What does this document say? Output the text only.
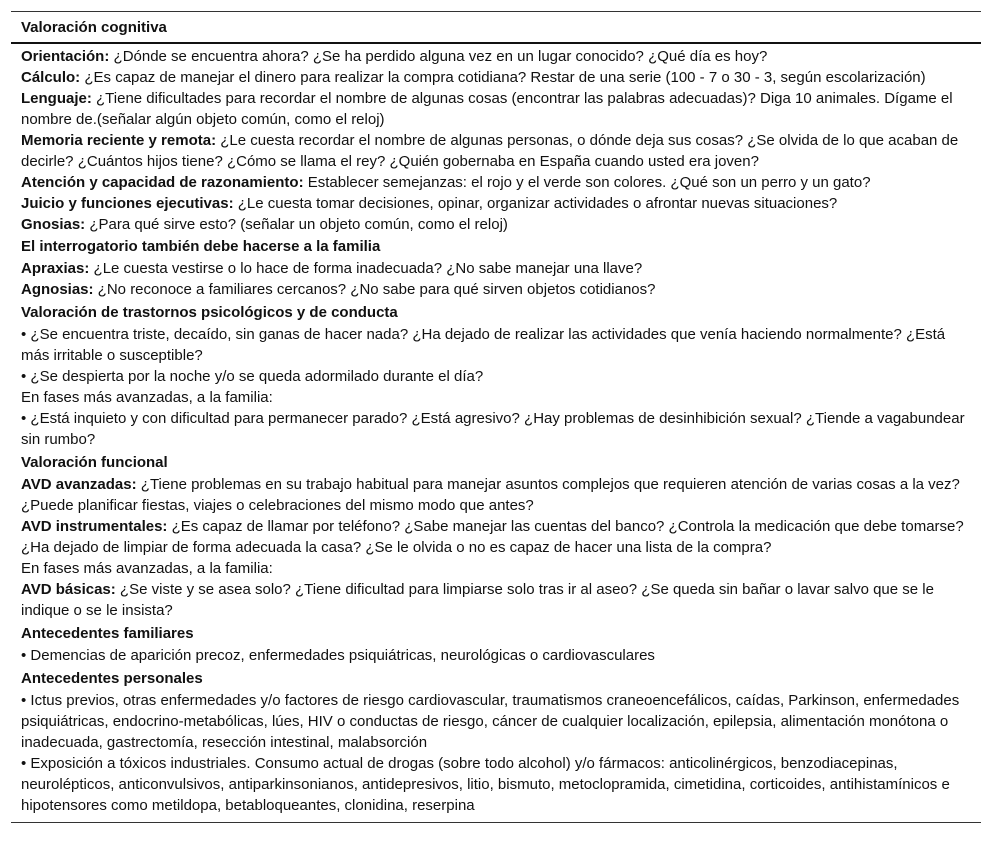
Valoración cognitiva
Orientación: ¿Dónde se encuentra ahora? ¿Se ha perdido alguna vez en un lugar conocido? ¿Qué día es hoy?
Cálculo: ¿Es capaz de manejar el dinero para realizar la compra cotidiana? Restar de una serie (100 - 7 o 30 - 3, según escolarización)
Lenguaje: ¿Tiene dificultades para recordar el nombre de algunas cosas (encontrar las palabras adecuadas)? Diga 10 animales. Dígame el nombre de.(señalar algún objeto común, como el reloj)
Memoria reciente y remota: ¿Le cuesta recordar el nombre de algunas personas, o dónde deja sus cosas? ¿Se olvida de lo que acaban de decirle? ¿Cuántos hijos tiene? ¿Cómo se llama el rey? ¿Quién gobernaba en España cuando usted era joven?
Atención y capacidad de razonamiento: Establecer semejanzas: el rojo y el verde son colores. ¿Qué son un perro y un gato?
Juicio y funciones ejecutivas: ¿Le cuesta tomar decisiones, opinar, organizar actividades o afrontar nuevas situaciones?
Gnosias: ¿Para qué sirve esto? (señalar un objeto común, como el reloj)
El interrogatorio también debe hacerse a la familia
Apraxias: ¿Le cuesta vestirse o lo hace de forma inadecuada? ¿No sabe manejar una llave?
Agnosias: ¿No reconoce a familiares cercanos? ¿No sabe para qué sirven objetos cotidianos?
Valoración de trastornos psicológicos y de conducta
• ¿Se encuentra triste, decaído, sin ganas de hacer nada? ¿Ha dejado de realizar las actividades que venía haciendo normalmente? ¿Está más irritable o susceptible?
• ¿Se despierta por la noche y/o se queda adormilado durante el día?
En fases más avanzadas, a la familia:
• ¿Está inquieto y con dificultad para permanecer parado? ¿Está agresivo? ¿Hay problemas de desinhibición sexual? ¿Tiende a vagabundear sin rumbo?
Valoración funcional
AVD avanzadas: ¿Tiene problemas en su trabajo habitual para manejar asuntos complejos que requieren atención de varias cosas a la vez? ¿Puede planificar fiestas, viajes o celebraciones del mismo modo que antes?
AVD instrumentales: ¿Es capaz de llamar por teléfono? ¿Sabe manejar las cuentas del banco? ¿Controla la medicación que debe tomarse? ¿Ha dejado de limpiar de forma adecuada la casa? ¿Se le olvida o no es capaz de hacer una lista de la compra?
En fases más avanzadas, a la familia:
AVD básicas: ¿Se viste y se asea solo? ¿Tiene dificultad para limpiarse solo tras ir al aseo? ¿Se queda sin bañar o lavar salvo que se le indique o se le insista?
Antecedentes familiares
• Demencias de aparición precoz, enfermedades psiquiátricas, neurológicas o cardiovasculares
Antecedentes personales
• Ictus previos, otras enfermedades y/o factores de riesgo cardiovascular, traumatismos craneoencefálicos, caídas, Parkinson, enfermedades psiquiátricas, endocrino-metabólicas, lúes, HIV o conductas de riesgo, cáncer de cualquier localización, epilepsia, alimentación monótona o inadecuada, gastrectomía, resección intestinal, malabsorción
• Exposición a tóxicos industriales. Consumo actual de drogas (sobre todo alcohol) y/o fármacos: anticolinérgicos, benzodiacepinas, neurolépticos, anticonvulsivos, antiparkinsonianos, antidepresivos, litio, bismuto, metoclopramida, cimetidina, corticoides, antihistamínicos e hipotensores como metildopa, betabloqueantes, clonidina, reserpina
